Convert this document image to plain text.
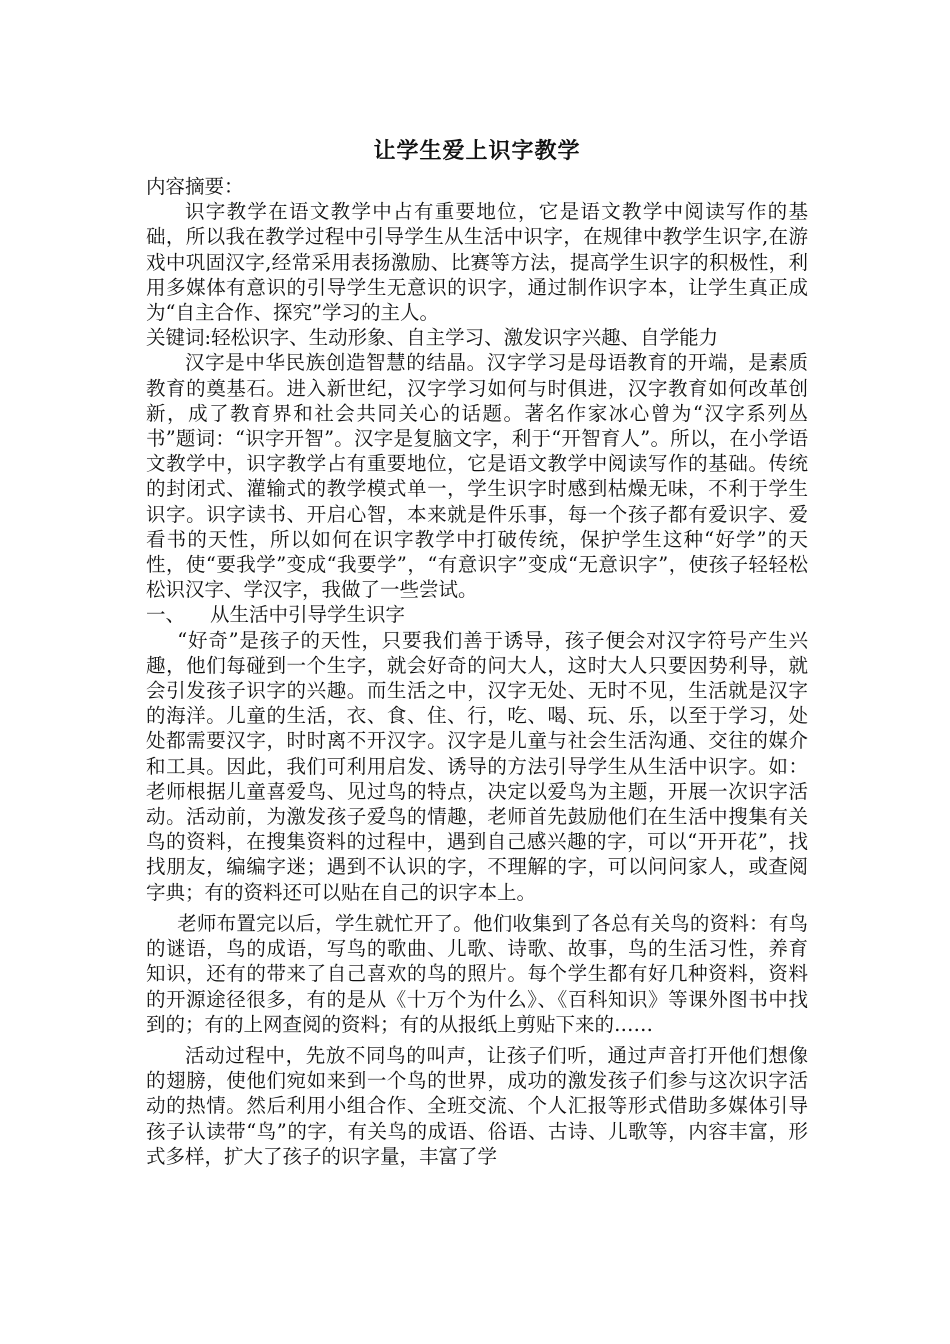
让学生爱上识字教学

内容摘要：

识字教学在语文教学中占有重要地位，它是语文教学中阅读写作的基础，所以我在教学过程中引导学生从生活中识字，在规律中教学生识字,在游戏中巩固汉字,经常采用表扬激励、比赛等方法，提高学生识字的积极性，利用多媒体有意识的引导学生无意识的识字，通过制作识字本，让学生真正成为“自主合作、探究”学习的主人。

关键词:轻松识字、生动形象、自主学习、激发识字兴趣、自学能力

汉字是中华民族创造智慧的结晶。汉字学习是母语教育的开端，是素质教育的奠基石。进入新世纪，汉字学习如何与时俱进，汉字教育如何改革创新，成了教育界和社会共同关心的话题。著名作家冰心曾为“汉字系列丛书”题词：“识字开智”。汉字是复脑文字，利于“开智育人”。所以，在小学语文教学中，识字教学占有重要地位，它是语文教学中阅读写作的基础。传统的封闭式、灌输式的教学模式单一，学生识字时感到枯燥无味，不利于学生识字。识字读书、开启心智，本来就是件乐事，每一个孩子都有爱识字、爱看书的天性，所以如何在识字教学中打破传统，保护学生这种“好学”的天性，使“要我学”变成“我要学”，“有意识字”变成“无意识字”，使孩子轻轻松松识汉字、学汉字，我做了一些尝试。

一、	从生活中引导学生识字

“好奇”是孩子的天性，只要我们善于诱导，孩子便会对汉字符号产生兴趣，他们每碰到一个生字，就会好奇的问大人，这时大人只要因势利导，就会引发孩子识字的兴趣。而生活之中，汉字无处、无时不见，生活就是汉字的海洋。儿童的生活，衣、食、住、行，吃、喝、玩、乐，以至于学习，处处都需要汉字，时时离不开汉字。汉字是儿童与社会生活沟通、交往的媒介和工具。因此，我们可利用启发、诱导的方法引导学生从生活中识字。如：老师根据儿童喜爱鸟、见过鸟的特点，决定以爱鸟为主题，开展一次识字活动。活动前，为激发孩子爱鸟的情趣，老师首先鼓励他们在生活中搜集有关鸟的资料，在搜集资料的过程中，遇到自己感兴趣的字，可以“开开花”，找找朋友，编编字迷；遇到不认识的字，不理解的字，可以问问家人，或查阅字典；有的资料还可以贴在自己的识字本上。

老师布置完以后，学生就忙开了。他们收集到了各总有关鸟的资料：有鸟的谜语，鸟的成语，写鸟的歌曲、儿歌、诗歌、故事，鸟的生活习性，养育知识，还有的带来了自己喜欢的鸟的照片。每个学生都有好几种资料，资料的开源途径很多，有的是从《十万个为什么》、《百科知识》等课外图书中找到的；有的上网查阅的资料；有的从报纸上剪贴下来的……

活动过程中，先放不同鸟的叫声，让孩子们听，通过声音打开他们想像的翅膀，使他们宛如来到一个鸟的世界，成功的激发孩子们参与这次识字活动的热情。然后利用小组合作、全班交流、个人汇报等形式借助多媒体引导孩子认读带“鸟”的字，有关鸟的成语、俗语、古诗、儿歌等，内容丰富，形式多样，扩大了孩子的识字量，丰富了学
